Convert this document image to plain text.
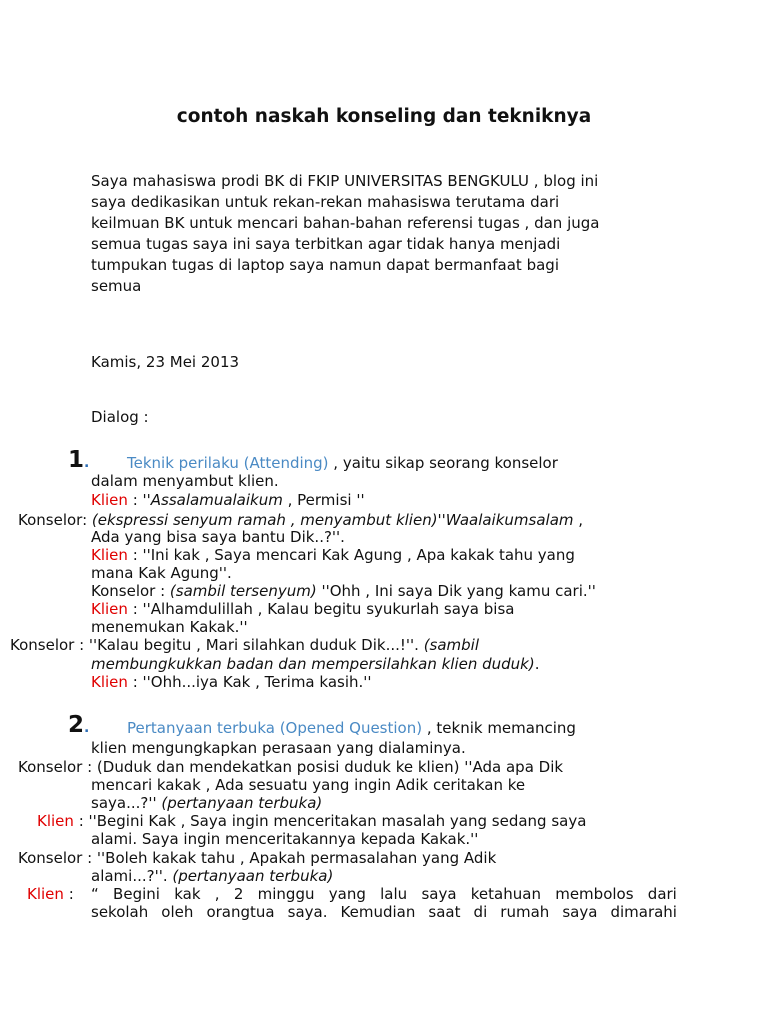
contoh naskah konseling dan tekniknya
Saya mahasiswa prodi BK di FKIP UNIVERSITAS BENGKULU , blog ini
saya dedikasikan untuk rekan-rekan mahasiswa terutama dari
keilmuan BK untuk mencari bahan-bahan referensi tugas , dan juga
semua tugas saya ini saya terbitkan agar tidak hanya menjadi
tumpukan tugas di laptop saya namun dapat bermanfaat bagi
semua
Kamis, 23 Mei 2013
Dialog :
1.	Teknik perilaku (Attending) , yaitu sikap seorang konselor
dalam menyambut klien.
Klien : ''Assalamualaikum , Permisi ''
Konselor: (ekspressi senyum ramah , menyambut klien)''Waalaikumsalam ,
Ada yang bisa saya bantu Dik..?''.
Klien : ''Ini kak , Saya mencari Kak Agung , Apa kakak tahu yang
mana Kak Agung''.
Konselor : (sambil tersenyum) ''Ohh , Ini saya Dik yang kamu cari.''
Klien : ''Alhamdulillah , Kalau begitu syukurlah saya bisa
menemukan Kakak.''
Konselor : ''Kalau begitu , Mari silahkan duduk Dik...!''. (sambil
membungkukkan badan dan mempersilahkan klien duduk).
Klien : ''Ohh...iya Kak , Terima kasih.''
2.	Pertanyaan terbuka (Opened Question) , teknik memancing
klien mengungkapkan perasaan yang dialaminya.
Konselor : (Duduk dan mendekatkan posisi duduk ke klien) ''Ada apa Dik
mencari kakak , Ada sesuatu yang ingin Adik ceritakan ke
saya...?'' (pertanyaan terbuka)
Klien : ''Begini Kak , Saya ingin menceritakan masalah yang sedang saya
alami. Saya ingin menceritakannya kepada Kakak.''
Konselor : ''Boleh kakak tahu , Apakah permasalahan yang Adik
alami...?''. (pertanyaan terbuka)
Klien : “ Begini kak , 2 minggu yang lalu saya ketahuan membolos dari
sekolah oleh orangtua saya. Kemudian saat di rumah saya dimarahi
